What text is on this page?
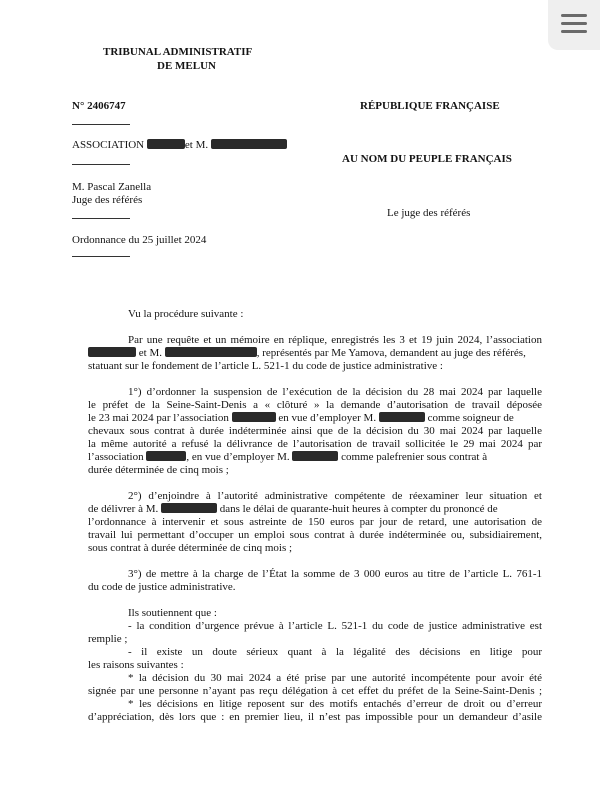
TRIBUNAL ADMINISTRATIF
DE MELUN
N° 2406747	RÉPUBLIQUE FRANÇAISE
ASSOCIATION	et M.
AU NOM DU PEUPLE FRANÇAIS
M. Pascal Zanella
Juge des référés
Le juge des référés
Ordonnance du 25 juillet 2024
Vu la procédure suivante :
Par une requête et un mémoire en réplique, enregistrés les 3 et 19 juin 2024, l’association
et M.	, représentés par Me Yamova, demandent au juge des référés,
statuant sur le fondement de l’article L. 521-1 du code de justice administrative :
1°) d’ordonner la suspension de l’exécution de la décision du 28 mai 2024 par laquelle
le préfet de la Seine-Saint-Denis a « clôturé » la demande d’autorisation de travail déposée
le 23 mai 2024 par l’association	en vue d’employer M.	comme soigneur de
chevaux sous contrat à durée indéterminée ainsi que de la décision du 30 mai 2024 par laquelle
la même autorité a refusé la délivrance de l’autorisation de travail sollicitée le 29 mai 2024 par
l’association	, en vue d’employer M.	comme palefrenier sous contrat à
durée déterminée de cinq mois ;
2°) d’enjoindre à l’autorité administrative compétente de réexaminer leur situation et
de délivrer à M.	dans le délai de quarante-huit heures à compter du prononcé de
l’ordonnance à intervenir et sous astreinte de 150 euros par jour de retard, une autorisation de
travail lui permettant d’occuper un emploi sous contrat à durée indéterminée ou, subsidiairement,
sous contrat à durée déterminée de cinq mois ;
3°) de mettre à la charge de l’État la somme de 3 000 euros au titre de l’article L. 761-1
du code de justice administrative.
Ils soutiennent que :
- la condition d’urgence prévue à l’article L. 521-1 du code de justice administrative est
remplie ;
- il existe un doute sérieux quant à la légalité des décisions en litige pour
les raisons suivantes :
* la décision du 30 mai 2024 a été prise par une autorité incompétente pour avoir été
signée par une personne n’ayant pas reçu délégation à cet effet du préfet de la Seine-Saint-Denis ;
* les décisions en litige reposent sur des motifs entachés d’erreur de droit ou d’erreur
d’appréciation, dès lors que : en premier lieu, il n’est pas impossible pour un demandeur d’asile
